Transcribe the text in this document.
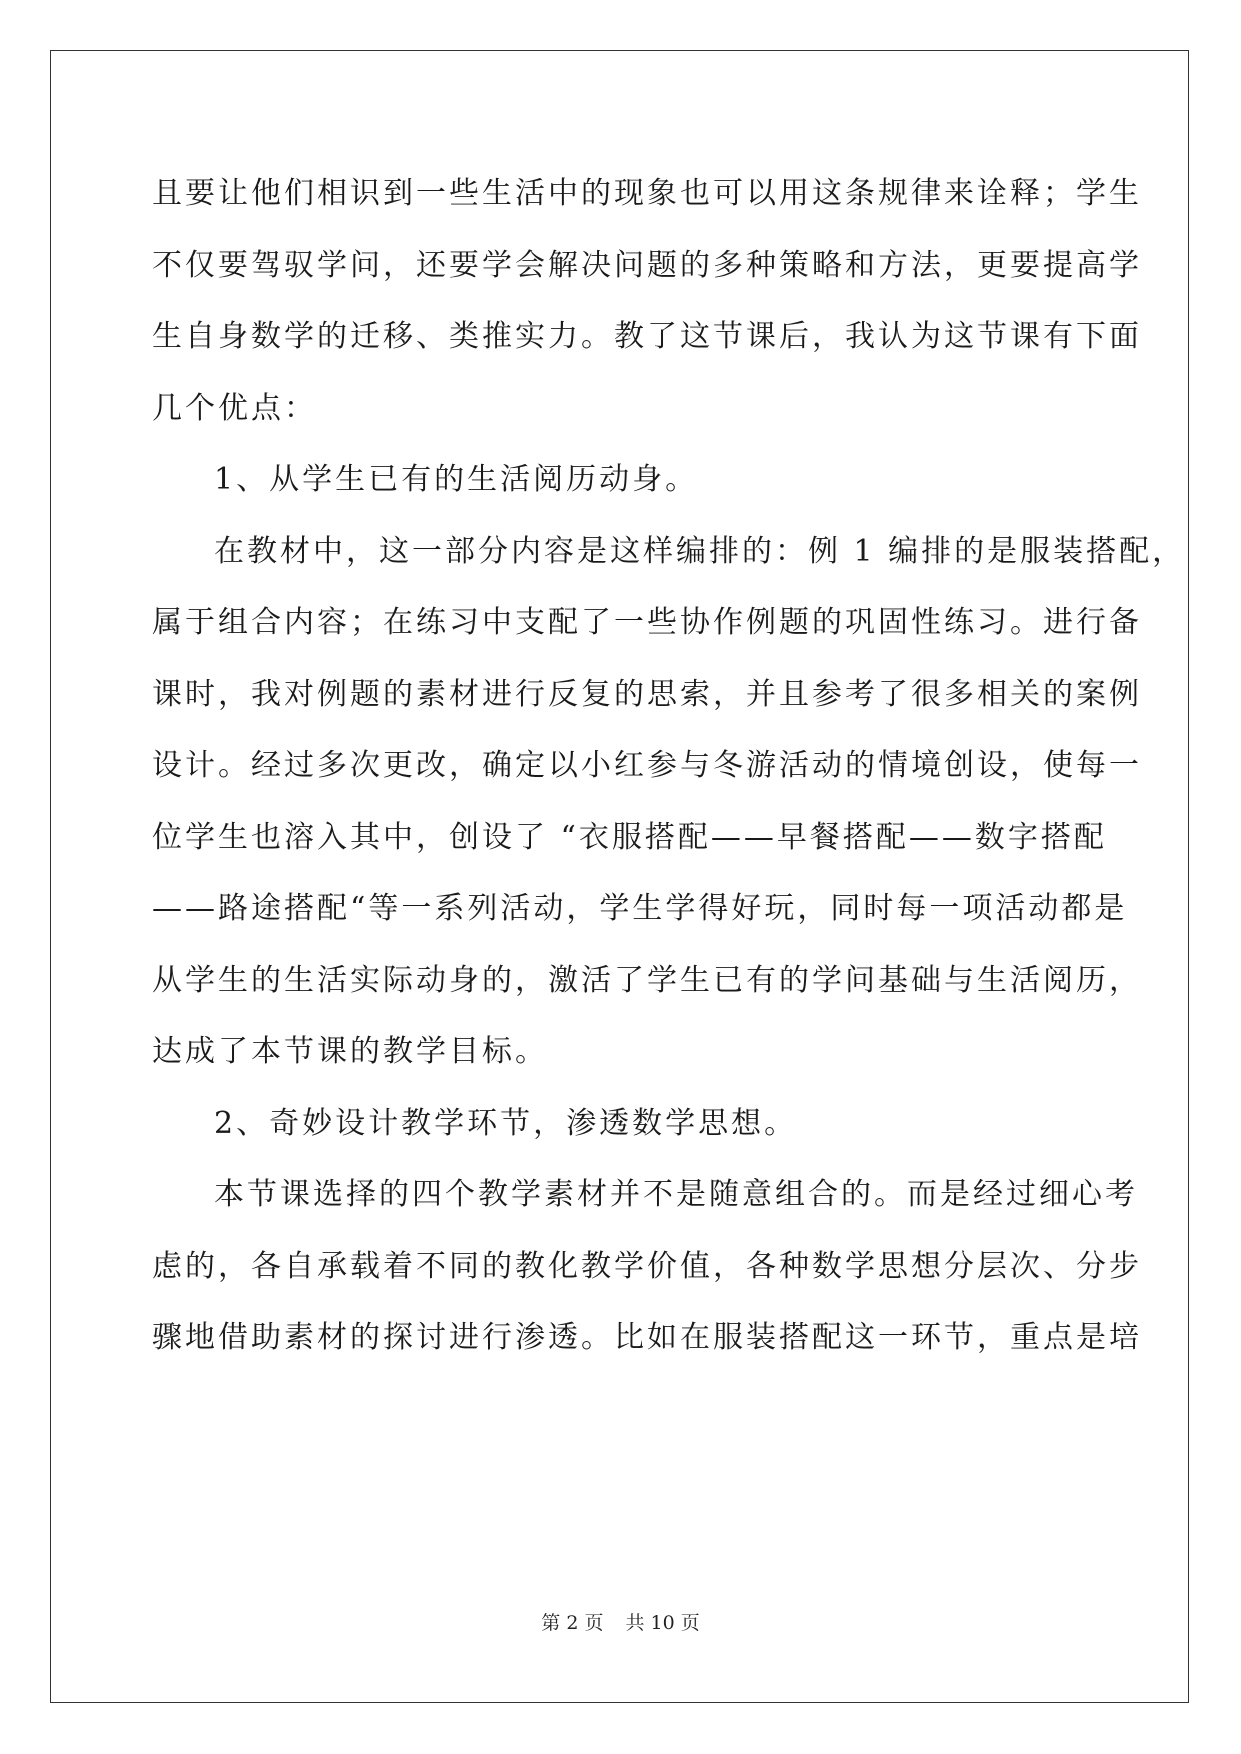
且要让他们相识到一些生活中的现象也可以用这条规律来诠释；学生
不仅要驾驭学问，还要学会解决问题的多种策略和方法，更要提高学
生自身数学的迁移、类推实力。教了这节课后，我认为这节课有下面
几个优点：
1、从学生已有的生活阅历动身。
在教材中，这一部分内容是这样编排的：例 1 编排的是服装搭配，
属于组合内容；在练习中支配了一些协作例题的巩固性练习。进行备
课时，我对例题的素材进行反复的思索，并且参考了很多相关的案例
设计。经过多次更改，确定以小红参与冬游活动的情境创设，使每一
位学生也溶入其中，创设了 “衣服搭配——早餐搭配——数字搭配
——路途搭配“等一系列活动，学生学得好玩，同时每一项活动都是
从学生的生活实际动身的，激活了学生已有的学问基础与生活阅历，
达成了本节课的教学目标。
2、奇妙设计教学环节，渗透数学思想。
本节课选择的四个教学素材并不是随意组合的。而是经过细心考
虑的，各自承载着不同的教化教学价值，各种数学思想分层次、分步
骤地借助素材的探讨进行渗透。比如在服装搭配这一环节，重点是培
第 2 页 共 10 页
